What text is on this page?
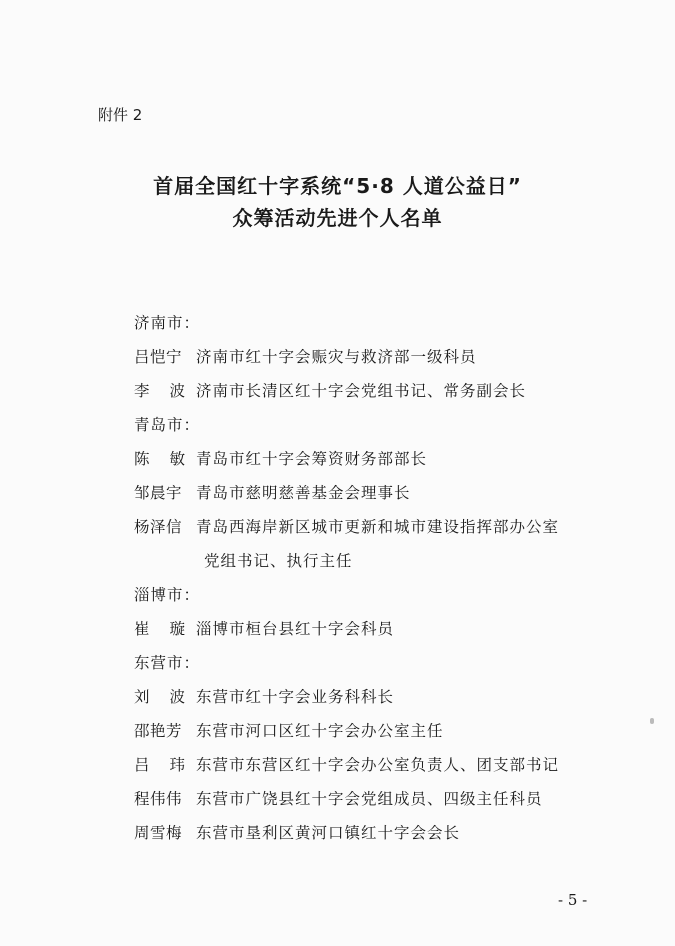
附件 2
首届全国红十字系统“5·8 人道公益日”
众筹活动先进个人名单
济南市：
吕恺宁 济南市红十字会赈灾与救济部一级科员
李波济南市长清区红十字会党组书记、常务副会长
青岛市：
陈敏青岛市红十字会筹资财务部部长
邹晨宇 青岛市慈明慈善基金会理事长
杨泽信 青岛西海岸新区城市更新和城市建设指挥部办公室
党组书记、执行主任
淄博市：
崔璇淄博市桓台县红十字会科员
东营市：
刘波东营市红十字会业务科科长
邵艳芳 东营市河口区红十字会办公室主任
吕玮东营市东营区红十字会办公室负责人、团支部书记
程伟伟 东营市广饶县红十字会党组成员、四级主任科员
周雪梅 东营市垦利区黄河口镇红十字会会长
- 5 -
